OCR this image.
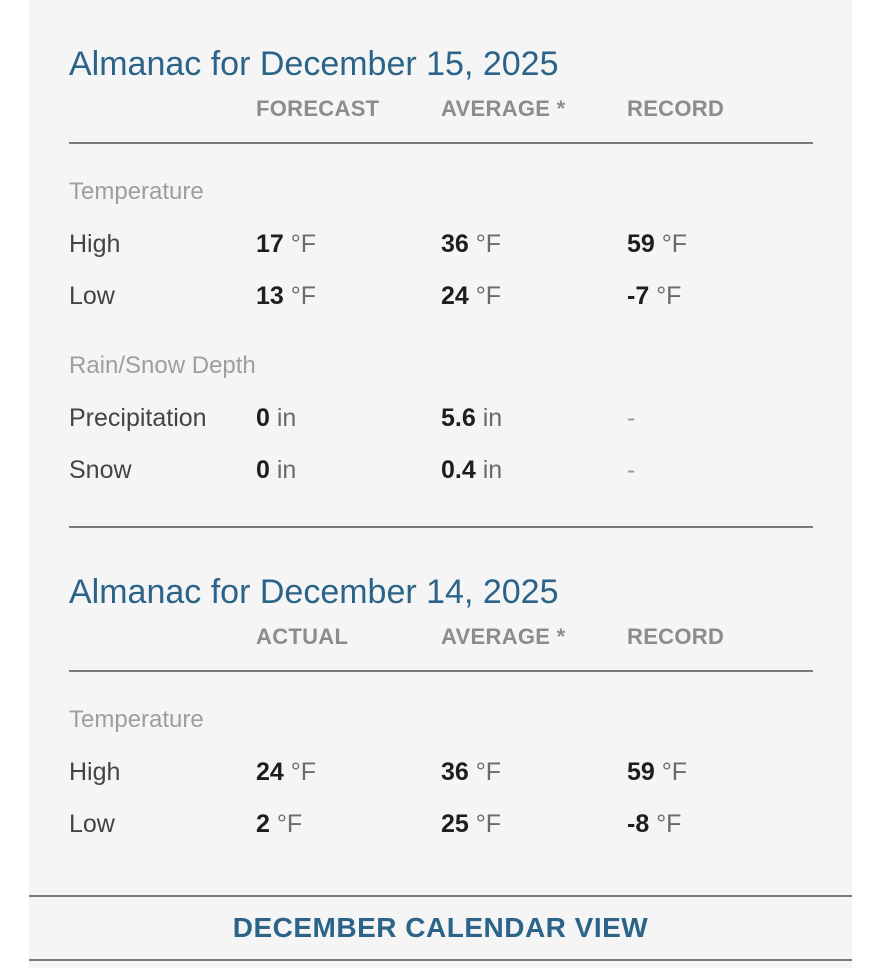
Almanac for December 15, 2025
FORECAST	AVERAGE *	RECORD
Temperature
High	17 °F	36 °F	59 °F
Low	13 °F	24 °F	-7 °F
Rain/Snow Depth
Precipitation 0 in	5.6 in	-
Snow	0 in	0.4 in	-
Almanac for December 14, 2025
ACTUAL	AVERAGE *	RECORD
Temperature
High	24 °F	36 °F	59 °F
Low	2 °F	25 °F	-8 °F
DECEMBER CALENDAR VIEW
